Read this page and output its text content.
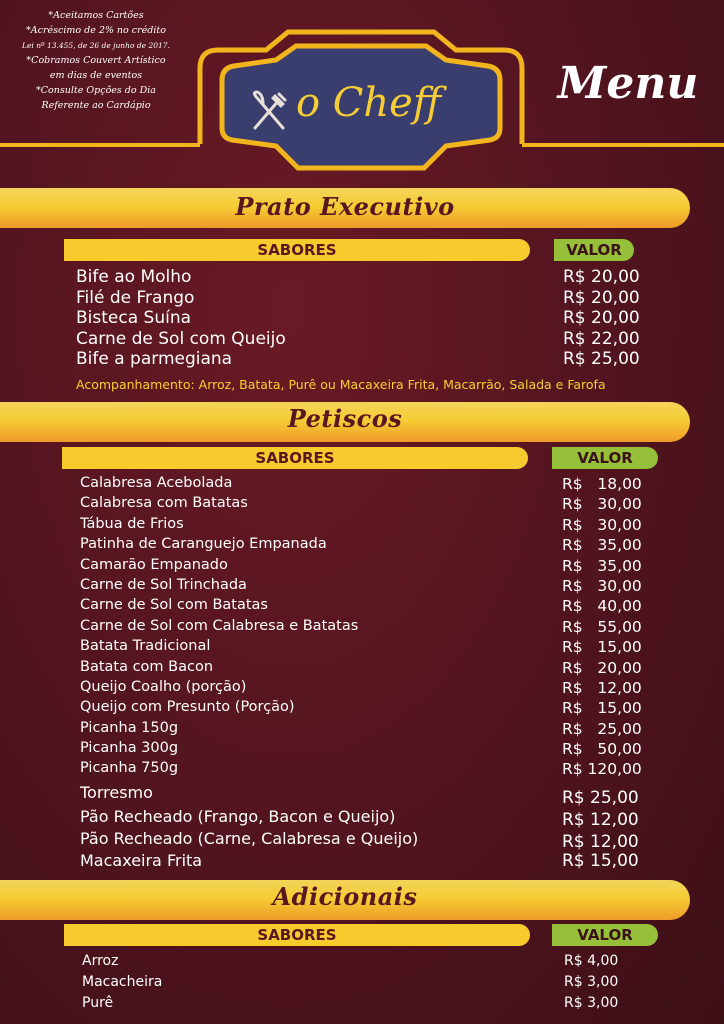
*Aceitamos Cartões
*Acréscimo de 2% no crédito
Lei nº 13.455, de 26 de junho de 2017.
*Cobramos Couvert Artístico
em dias de eventos
*Consulte Opções do Dia
Referente ao Cardápio	o Cheff	Menu
Prato Executivo
SABORES	VALOR
Bife ao Molho	R$ 20,00
Filé de Frango	R$ 20,00
Bisteca Suína	R$ 20,00
Carne de Sol com Queijo	R$ 22,00
Bife a parmegiana	R$ 25,00
Acompanhamento: Arroz, Batata, Purê ou Macaxeira Frita, Macarrão, Salada e Farofa
Petiscos
SABORES	VALOR
Calabresa Acebolada	R$   18,00
Calabresa com Batatas	R$   30,00
Tábua de Frios	R$   30,00
Patinha de Caranguejo Empanada	R$   35,00
Camarão Empanado	R$   35,00
Carne de Sol Trinchada	R$   30,00
Carne de Sol com Batatas	R$   40,00
Carne de Sol com Calabresa e Batatas	R$   55,00
Batata Tradicional	R$   15,00
Batata com Bacon	R$   20,00
Queijo Coalho (porção)	R$   12,00
Queijo com Presunto (Porção)	R$   15,00
Picanha 150g	R$   25,00
Picanha 300g	R$   50,00
Picanha 750g	R$ 120,00
Torresmo	R$ 25,00
Pão Recheado (Frango, Bacon e Queijo)	R$ 12,00
Pão Recheado (Carne, Calabresa e Queijo)	R$ 12,00
Macaxeira Frita	R$ 15,00
Adicionais
SABORES	VALOR
Arroz	R$ 4,00
Macacheira	R$ 3,00
Purê	R$ 3,00
